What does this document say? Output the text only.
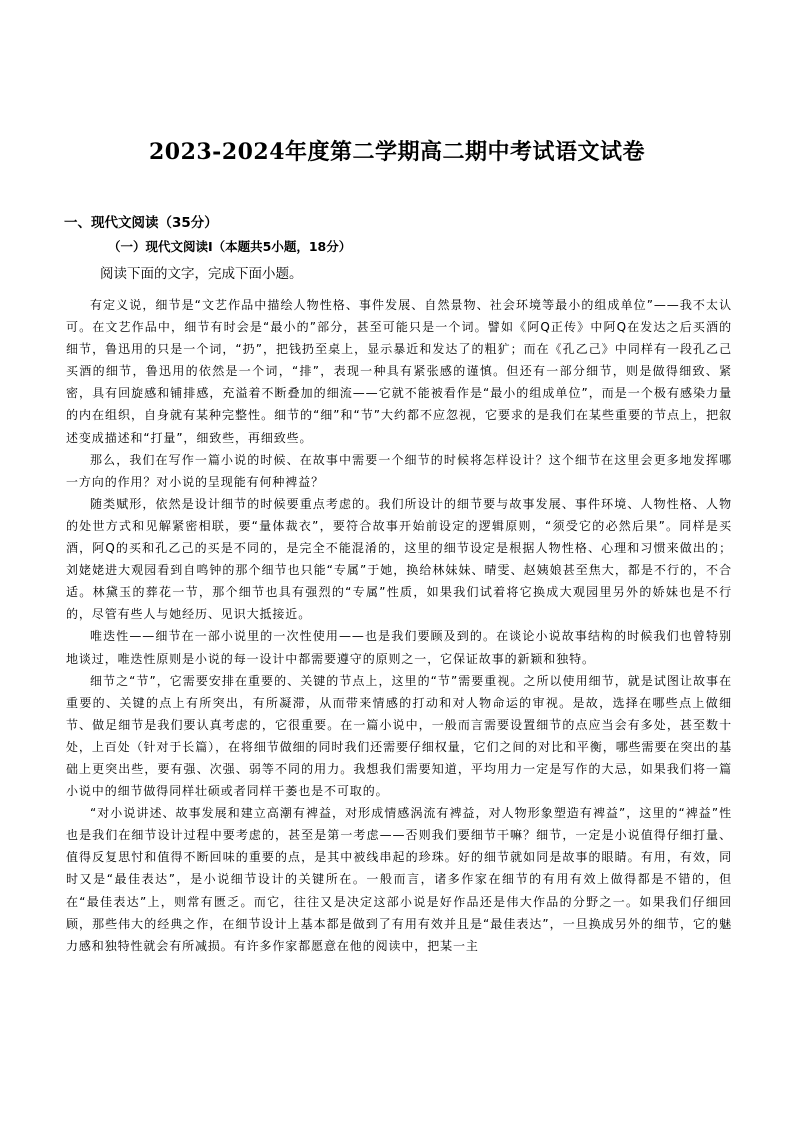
2023-2024年度第二学期高二期中考试语文试卷
一、现代文阅读（35分）
（一）现代文阅读Ⅰ（本题共5小题，18分）
阅读下面的文字，完成下面小题。

有定义说，细节是“文艺作品中描绘人物性格、事件发展、自然景物、社会环境等最小的组成单位”——我不太认可。在文艺作品中，细节有时会是“最小的”部分，甚至可能只是一个词。譬如《阿Q正传》中阿Q在发达之后买酒的细节，鲁迅用的只是一个词，“扔”，把钱扔至桌上，显示暴近和发达了的粗犷；而在《孔乙己》中同样有一段孔乙己买酒的细节，鲁迅用的依然是一个词，“排”，表现一种具有紧张感的谨慎。但还有一部分细节，则是做得细致、紧密，具有回旋感和铺排感，充溢着不断叠加的细流——它就不能被看作是“最小的组成单位”，而是一个极有感染力量的内在组织，自身就有某种完整性。细节的“细”和“节”大约都不应忽视，它要求的是我们在某些重要的节点上，把叙述变成描述和“打量”，细致些，再细致些。

那么，我们在写作一篇小说的时候、在故事中需要一个细节的时候将怎样设计？这个细节在这里会更多地发挥哪一方向的作用？对小说的呈现能有何种裨益？

随类赋形，依然是设计细节的时候要重点考虑的。我们所设计的细节要与故事发展、事件环境、人物性格、人物的处世方式和见解紧密相联，要“量体裁衣”，要符合故事开始前设定的逻辑原则，“须受它的必然后果”。同样是买酒，阿Q的买和孔乙己的买是不同的，是完全不能混淆的，这里的细节设定是根据人物性格、心理和习惯来做出的；刘姥姥进大观园看到自鸣钟的那个细节也只能“专属”于她，换给林妹妹、晴雯、赵姨娘甚至焦大，都是不行的，不合适。林黛玉的葬花一节，那个细节也具有强烈的“专属”性质，如果我们试着将它换成大观园里另外的娇妹也是不行的，尽管有些人与她经历、见识大抵接近。

唯迭性——细节在一部小说里的一次性使用——也是我们要顾及到的。在谈论小说故事结构的时候我们也曾特别地谈过，唯迭性原则是小说的每一设计中都需要遵守的原则之一，它保证故事的新颖和独特。

细节之“节”，它需要安排在重要的、关键的节点上，这里的“节”需要重视。之所以使用细节，就是试图让故事在重要的、关键的点上有所突出，有所凝滞，从而带来情感的打动和对人物命运的审视。是故，选择在哪些点上做细节、做足细节是我们要认真考虑的，它很重要。在一篇小说中，一般而言需要设置细节的点应当会有多处，甚至数十处，上百处（针对于长篇），在将细节做细的同时我们还需要仔细权量，它们之间的对比和平衡，哪些需要在突出的基础上更突出些，要有强、次强、弱等不同的用力。我想我们需要知道，平均用力一定是写作的大忌，如果我们将一篇小说中的细节做得同样壮硕或者同样干萎也是不可取的。

“对小说讲述、故事发展和建立高潮有裨益，对形成情感涡流有裨益，对人物形象塑造有裨益”，这里的“裨益”性也是我们在细节设计过程中要考虑的，甚至是第一考虑——否则我们要细节干嘛？细节，一定是小说值得仔细打量、值得反复思忖和值得不断回味的重要的点，是其中被线串起的珍珠。好的细节就如同是故事的眼睛。有用，有效，同时又是“最佳表达”，是小说细节设计的关键所在。一般而言，诸多作家在细节的有用有效上做得都是不错的，但在“最佳表达”上，则常有匮乏。而它，往往又是决定这部小说是好作品还是伟大作品的分野之一。如果我们仔细回顾，那些伟大的经典之作，在细节设计上基本都是做到了有用有效并且是“最佳表达”，一旦换成另外的细节，它的魅力感和独特性就会有所减损。有许多作家都愿意在他的阅读中，把某一主
